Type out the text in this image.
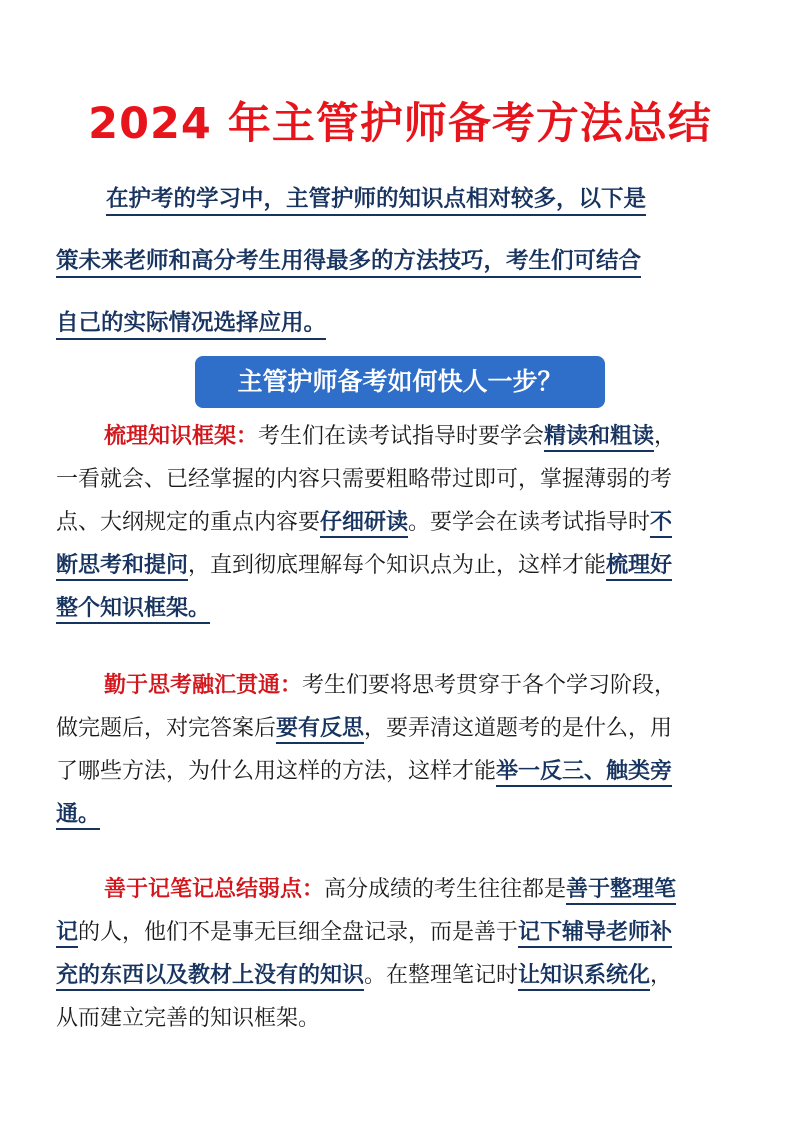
2024 年主管护师备考方法总结
在护考的学习中，主管护师的知识点相对较多，以下是
策未来老师和高分考生用得最多的方法技巧，考生们可结合
自己的实际情况选择应用。
主管护师备考如何快人一步？
梳理知识框架：考生们在读考试指导时要学会精读和粗读，
一看就会、已经掌握的内容只需要粗略带过即可，掌握薄弱的考
点、大纲规定的重点内容要仔细研读。要学会在读考试指导时不
断思考和提问，直到彻底理解每个知识点为止，这样才能梳理好
整个知识框架。
勤于思考融汇贯通：考生们要将思考贯穿于各个学习阶段，
做完题后，对完答案后要有反思，要弄清这道题考的是什么，用
了哪些方法，为什么用这样的方法，这样才能举一反三、触类旁
通。
善于记笔记总结弱点：高分成绩的考生往往都是善于整理笔
记的人，他们不是事无巨细全盘记录，而是善于记下辅导老师补
充的东西以及教材上没有的知识。在整理笔记时让知识系统化，
从而建立完善的知识框架。
